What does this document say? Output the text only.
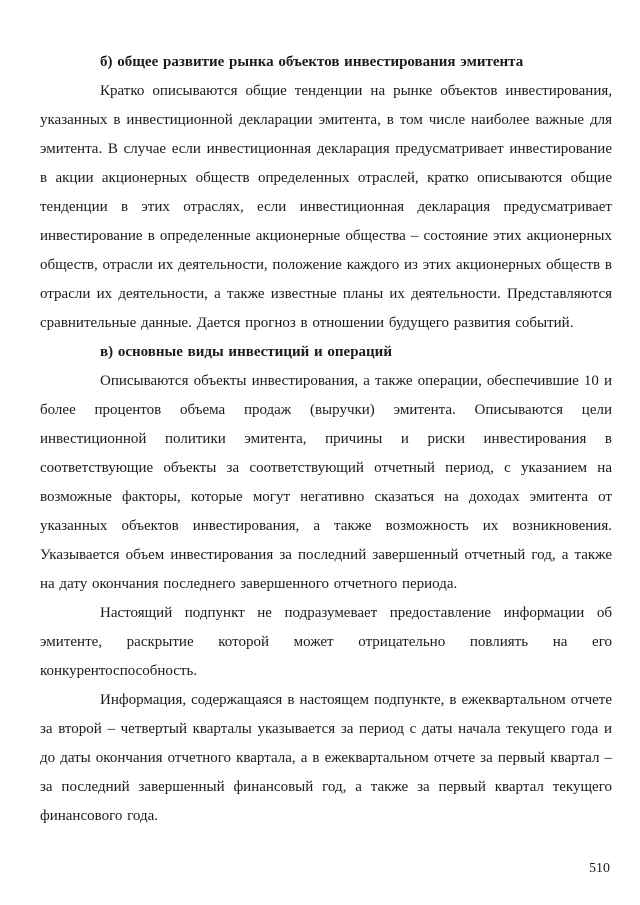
б) общее развитие рынка объектов инвестирования эмитента

Кратко описываются общие тенденции на рынке объектов инвестирования, указанных в инвестиционной декларации эмитента, в том числе наиболее важные для эмитента. В случае если инвестиционная декларация предусматривает инвестирование в акции акционерных обществ определенных отраслей, кратко описываются общие тенденции в этих отраслях, если инвестиционная декларация предусматривает инвестирование в определенные акционерные общества – состояние этих акционерных обществ, отрасли их деятельности, положение каждого из этих акционерных обществ в отрасли их деятельности, а также известные планы их деятельности. Представляются сравнительные данные. Дается прогноз в отношении будущего развития событий.

в) основные виды инвестиций и операций

Описываются объекты инвестирования, а также операции, обеспечившие 10 и более процентов объема продаж (выручки) эмитента. Описываются цели инвестиционной политики эмитента, причины и риски инвестирования в соответствующие объекты за соответствующий отчетный период, с указанием на возможные факторы, которые могут негативно сказаться на доходах эмитента от указанных объектов инвестирования, а также возможность их возникновения. Указывается объем инвестирования за последний завершенный отчетный год, а также на дату окончания последнего завершенного отчетного периода.

Настоящий подпункт не подразумевает предоставление информации об эмитенте, раскрытие которой может отрицательно повлиять на его конкурентоспособность.

Информация, содержащаяся в настоящем подпункте, в ежеквартальном отчете за второй – четвертый кварталы указывается за период с даты начала текущего года и до даты окончания отчетного квартала, а в ежеквартальном отчете за первый квартал – за последний завершенный финансовый год, а также за первый квартал текущего финансового года.

510
